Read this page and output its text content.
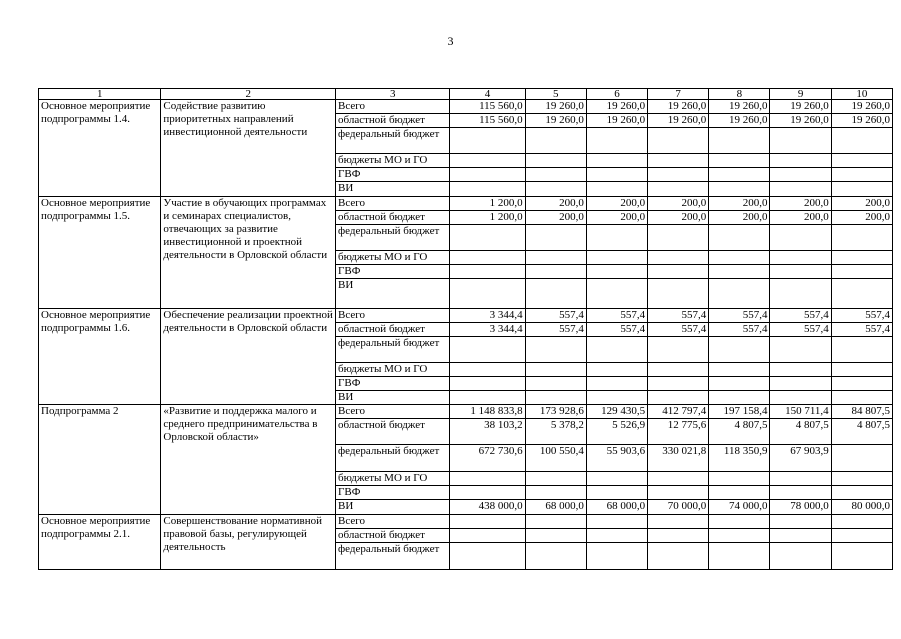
3
1	2	3	4	5	6	7	8	9	10
Основное мероприятие подпрограммы 1.4.	Содействие развитию приоритетных направлений инвестиционной деятельности	Всего	115 560,0	19 260,0	19 260,0	19 260,0	19 260,0	19 260,0	19 260,0
		областной бюджет	115 560,0	19 260,0	19 260,0	19 260,0	19 260,0	19 260,0	19 260,0
		федеральный бюджет							
		бюджеты МО и ГО							
		ГВФ							
		ВИ							
Основное мероприятие подпрограммы 1.5.	Участие в обучающих программах и семинарах специалистов, отвечающих за развитие инвестиционной и проектной деятельности в Орловской области	Всего	1 200,0	200,0	200,0	200,0	200,0	200,0	200,0
		областной бюджет	1 200,0	200,0	200,0	200,0	200,0	200,0	200,0
		федеральный бюджет							
		бюджеты МО и ГО							
		ГВФ							
		ВИ							
Основное мероприятие подпрограммы 1.6.	Обеспечение реализации проектной деятельности в Орловской области	Всего	3 344,4	557,4	557,4	557,4	557,4	557,4	557,4
		областной бюджет	3 344,4	557,4	557,4	557,4	557,4	557,4	557,4
		федеральный бюджет							
		бюджеты МО и ГО							
		ГВФ							
		ВИ							
Подпрограмма 2	«Развитие и поддержка малого и среднего предпринимательства в Орловской области»	Всего	1 148 833,8	173 928,6	129 430,5	412 797,4	197 158,4	150 711,4	84 807,5
		областной бюджет	38 103,2	5 378,2	5 526,9	12 775,6	4 807,5	4 807,5	4 807,5
		федеральный бюджет	672 730,6	100 550,4	55 903,6	330 021,8	118 350,9	67 903,9	
		бюджеты МО и ГО							
		ГВФ							
		ВИ	438 000,0	68 000,0	68 000,0	70 000,0	74 000,0	78 000,0	80 000,0
Основное мероприятие подпрограммы 2.1.	Совершенствование нормативной правовой базы, регулирующей деятельность	Всего							
		областной бюджет							
		федеральный бюджет							
